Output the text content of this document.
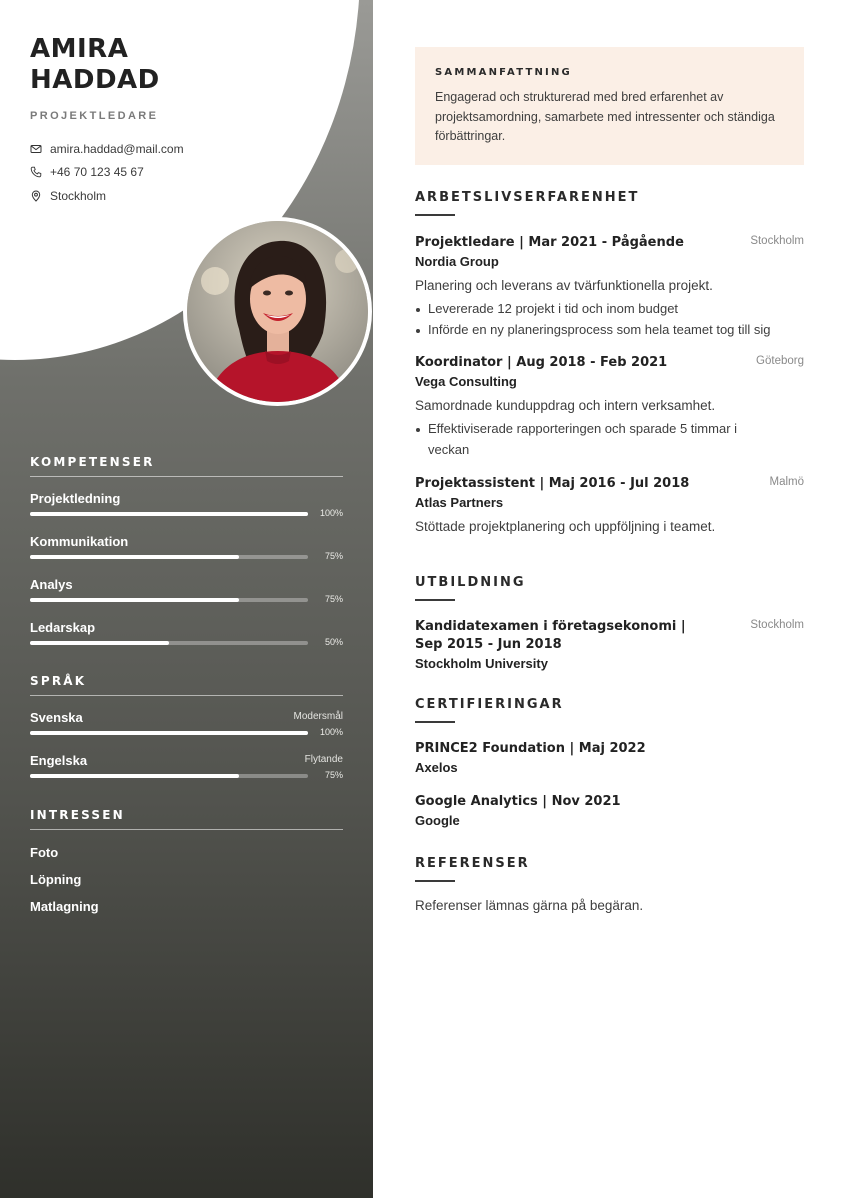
AMIRA
HADDAD
PROJEKTLEDARE
amira.haddad@mail.com
+46 70 123 45 67
Stockholm
KOMPETENSER
Projektledning
100%
Kommunikation
75%
Analys
75%
Ledarskap
50%
SPRÅK
Svenska	Modersmål
100%
Engelska	Flytande
75%
INTRESSEN
Foto
Löpning
Matlagning
SAMMANFATTNING
Engagerad och strukturerad med bred erfarenhet av projektsamordning, samarbete med intressenter och ständiga förbättringar.
ARBETSLIVSERFARENHET
Projektledare | Mar 2021 - Pågående	Stockholm
Nordia Group
Planering och leverans av tvärfunktionella projekt.
Levererade 12 projekt i tid och inom budget
Införde en ny planeringsprocess som hela teamet tog till sig
Koordinator | Aug 2018 - Feb 2021	Göteborg
Vega Consulting
Samordnade kunduppdrag och intern verksamhet.
Effektiviserade rapporteringen och sparade 5 timmar i veckan
Projektassistent | Maj 2016 - Jul 2018	Malmö
Atlas Partners
Stöttade projektplanering och uppföljning i teamet.
UTBILDNING
Kandidatexamen i företagsekonomi | Sep 2015 - Jun 2018
Stockholm
Stockholm University
CERTIFIERINGAR
PRINCE2 Foundation | Maj 2022
Axelos
Google Analytics | Nov 2021
Google
REFERENSER
Referenser lämnas gärna på begäran.
